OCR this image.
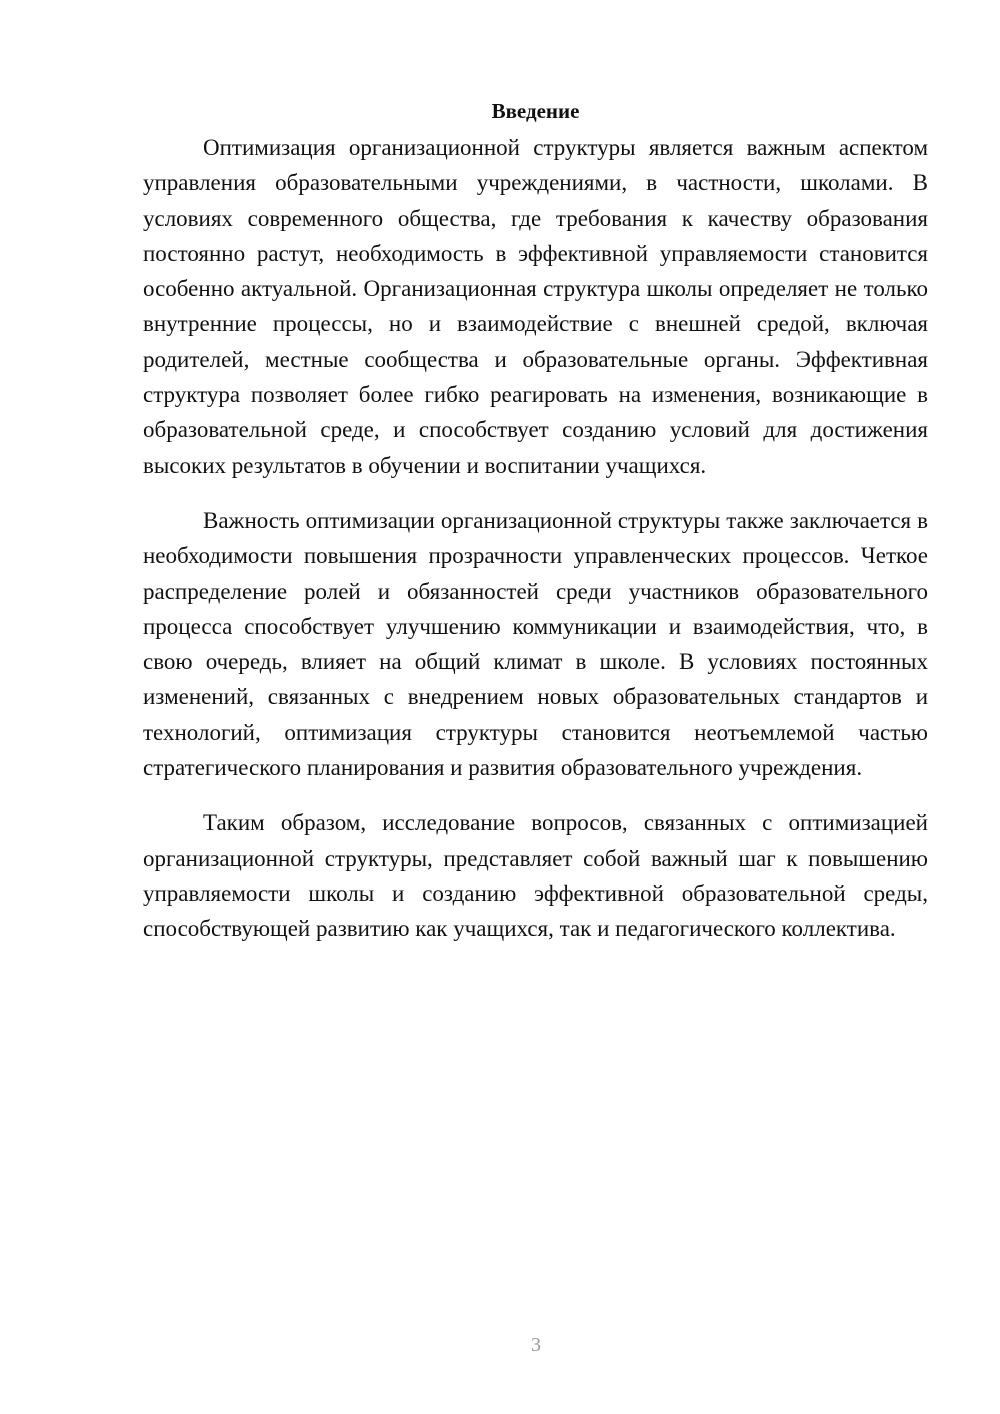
Введение

Оптимизация организационной структуры является важным аспектом управления образовательными учреждениями, в частности, школами. В условиях современного общества, где требования к качеству образования постоянно растут, необходимость в эффективной управляемости становится особенно актуальной. Организационная структура школы определяет не только внутренние процессы, но и взаимодействие с внешней средой, включая родителей, местные сообщества и образовательные органы. Эффективная структура позволяет более гибко реагировать на изменения, возникающие в образовательной среде, и способствует созданию условий для достижения высоких результатов в обучении и воспитании учащихся.

Важность оптимизации организационной структуры также заключается в необходимости повышения прозрачности управленческих процессов. Четкое распределение ролей и обязанностей среди участников образовательного процесса способствует улучшению коммуникации и взаимодействия, что, в свою очередь, влияет на общий климат в школе. В условиях постоянных изменений, связанных с внедрением новых образовательных стандартов и технологий, оптимизация структуры становится неотъемлемой частью стратегического планирования и развития образовательного учреждения.

Таким образом, исследование вопросов, связанных с оптимизацией организационной структуры, представляет собой важный шаг к повышению управляемости школы и созданию эффективной образовательной среды, способствующей развитию как учащихся, так и педагогического коллектива.

3
